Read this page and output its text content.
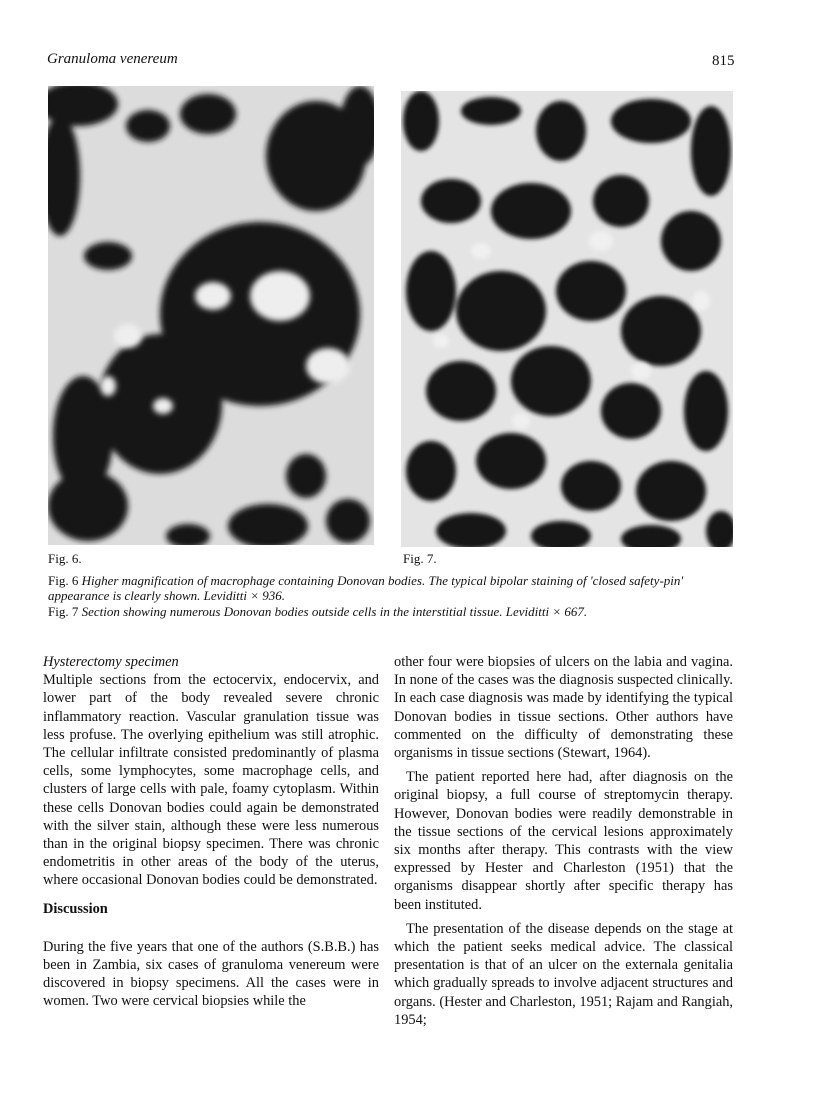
Granuloma venereum	815
Fig. 6.	Fig. 7.
Fig. 6 Higher magnification of macrophage containing Donovan bodies. The typical bipolar staining of 'closed safety-pin' appearance is clearly shown. Leviditti × 936.
Fig. 7 Section showing numerous Donovan bodies outside cells in the interstitial tissue. Leviditti × 667.

Hysterectomy specimen

Multiple sections from the ectocervix, endocervix, and lower part of the body revealed severe chronic inflammatory reaction. Vascular granulation tissue was less profuse. The overlying epithelium was still atrophic. The cellular infiltrate consisted predominantly of plasma cells, some lymphocytes, some macrophage cells, and clusters of large cells with pale, foamy cytoplasm. Within these cells Donovan bodies could again be demonstrated with the silver stain, although these were less numerous than in the original biopsy specimen. There was chronic endometritis in other areas of the body of the uterus, where occasional Donovan bodies could be demonstrated.

Discussion

During the five years that one of the authors (S.B.B.) has been in Zambia, six cases of granuloma venereum were discovered in biopsy specimens. All the cases were in women. Two were cervical biopsies while the

other four were biopsies of ulcers on the labia and vagina. In none of the cases was the diagnosis suspected clinically. In each case diagnosis was made by identifying the typical Donovan bodies in tissue sections. Other authors have commented on the difficulty of demonstrating these organisms in tissue sections (Stewart, 1964).

The patient reported here had, after diagnosis on the original biopsy, a full course of streptomycin therapy. However, Donovan bodies were readily demonstrable in the tissue sections of the cervical lesions approximately six months after therapy. This contrasts with the view expressed by Hester and Charleston (1951) that the organisms disappear shortly after specific therapy has been instituted.

The presentation of the disease depends on the stage at which the patient seeks medical advice. The classical presentation is that of an ulcer on the externala genitalia which gradually spreads to involve adjacent structures and organs. (Hester and Charleston, 1951; Rajam and Rangiah, 1954;
